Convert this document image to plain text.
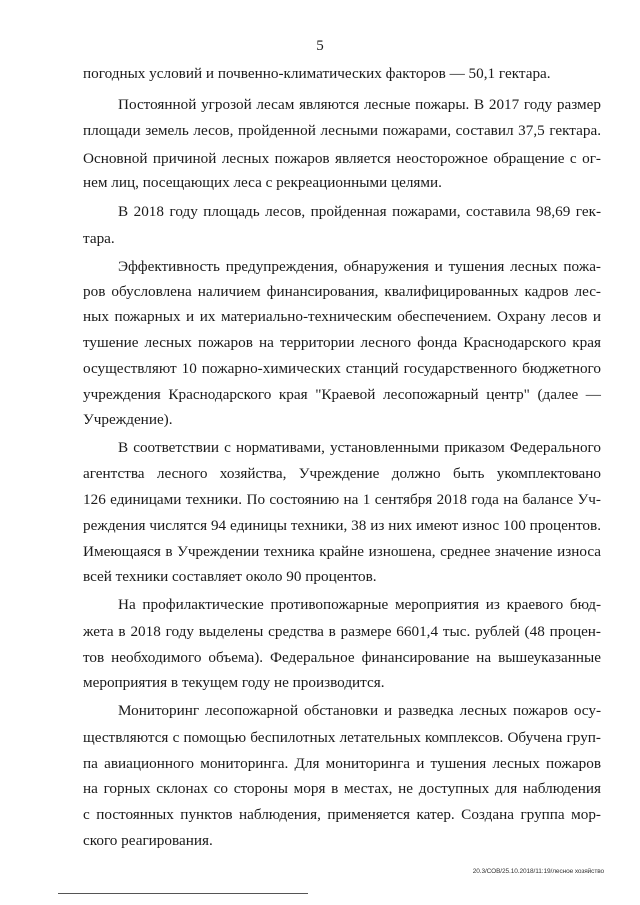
5
погодных условий и почвенно-климатических факторов — 50,1 гектара.
Постоянной угрозой лесам являются лесные пожары. В 2017 году размер
площади земель лесов, пройденной лесными пожарами, составил 37,5 гектара.
Основной причиной лесных пожаров является неосторожное обращение с ог-
нем лиц, посещающих леса с рекреационными целями.
В 2018 году площадь лесов, пройденная пожарами, составила 98,69 гек-
тара.
Эффективность предупреждения, обнаружения и тушения лесных пожа-
ров обусловлена наличием финансирования, квалифицированных кадров лес-
ных пожарных и их материально-техническим обеспечением. Охрану лесов и
тушение лесных пожаров на территории лесного фонда Краснодарского края
осуществляют 10 пожарно-химических станций государственного бюджетного
учреждения Краснодарского края "Краевой лесопожарный центр" (далее —
Учреждение).
В соответствии с нормативами, установленными приказом Федерального
агентства лесного хозяйства, Учреждение должно быть укомплектовано
126 единицами техники. По состоянию на 1 сентября 2018 года на балансе Уч-
реждения числятся 94 единицы техники, 38 из них имеют износ 100 процентов.
Имеющаяся в Учреждении техника крайне изношена, среднее значение износа
всей техники составляет около 90 процентов.
На профилактические противопожарные мероприятия из краевого бюд-
жета в 2018 году выделены средства в размере 6601,4 тыс. рублей (48 процен-
тов необходимого объема). Федеральное финансирование на вышеуказанные
мероприятия в текущем году не производится.
Мониторинг лесопожарной обстановки и разведка лесных пожаров осу-
ществляются с помощью беспилотных летательных комплексов. Обучена груп-
па авиационного мониторинга. Для мониторинга и тушения лесных пожаров
на горных склонах со стороны моря в местах, не доступных для наблюдения
с постоянных пунктов наблюдения, применяется катер. Создана группа мор-
ского реагирования.
20.3/СОВ/25.10.2018/11:19/лесное хозяйство
